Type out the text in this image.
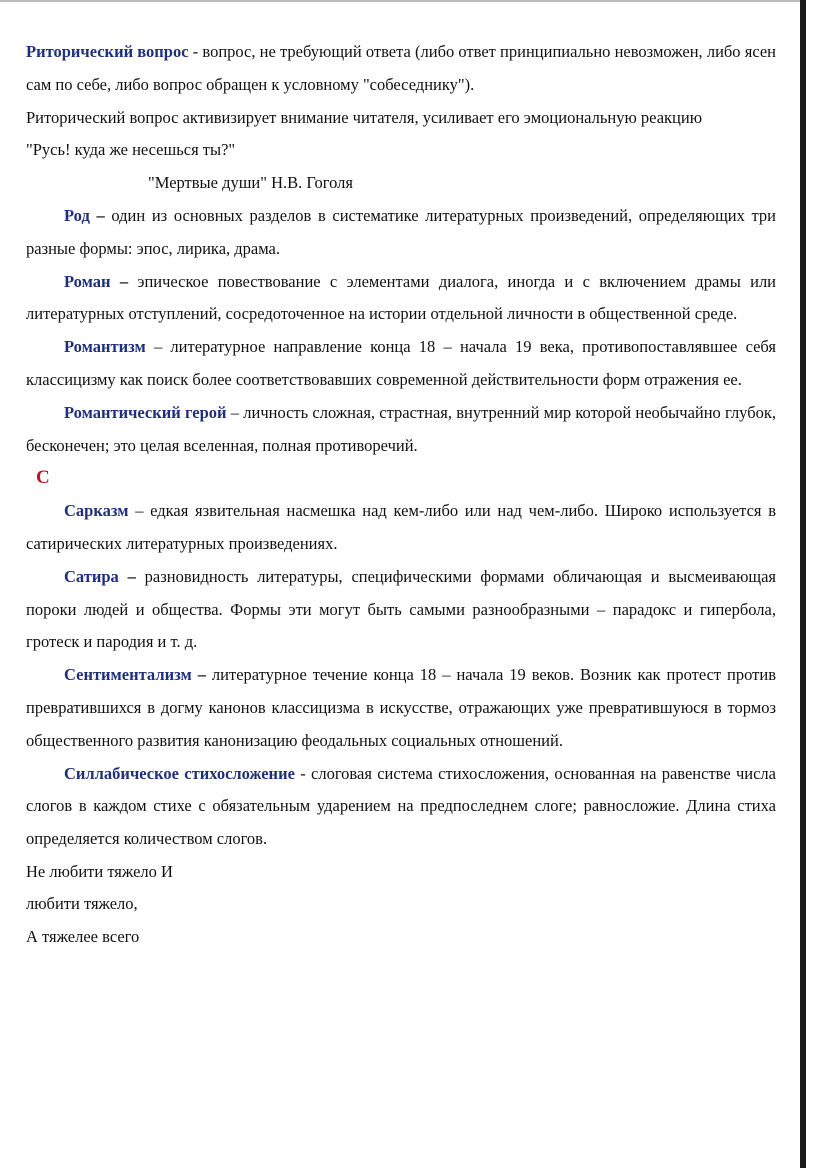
Риторический вопрос - вопрос, не требующий ответа (либо ответ принципиально невозможен, либо ясен сам по себе, либо вопрос обращен к условному "собеседнику").

Риторический вопрос активизирует внимание читателя, усиливает его эмоциональную реакцию

"Русь! куда же несешься ты?"

"Мертвые души" Н.В. Гоголя

Род – один из основных разделов в систематике литературных произведений, определяющих три разные формы: эпос, лирика, драма.

Роман – эпическое повествование с элементами диалога, иногда и с включением драмы или литературных отступлений, сосредоточенное на истории отдельной личности в общественной среде.

Романтизм – литературное направление конца 18 – начала 19 века, противопоставлявшее себя классицизму как поиск более соответствовавших современной действительности форм отражения ее.

Романтический герой – личность сложная, страстная, внутренний мир которой необычайно глубок, бесконечен; это целая вселенная, полная противоречий.

С

Сарказм – едкая язвительная насмешка над кем-либо или над чем-либо. Широко используется в сатирических литературных произведениях.

Сатира – разновидность литературы, специфическими формами обличающая и высмеивающая пороки людей и общества. Формы эти могут быть самыми разнообразными – парадокс и гипербола, гротеск и пародия и т. д.

Сентиментализм – литературное течение конца 18 – начала 19 веков. Возник как протест против превратившихся в догму канонов классицизма в искусстве, отражающих уже превратившуюся в тормоз общественного развития канонизацию феодальных социальных отношений.

Силлабическое стихосложение - слоговая система стихосложения, основанная на равенстве числа слогов в каждом стихе с обязательным ударением на предпоследнем слоге; равносложие. Длина стиха определяется количеством слогов.

Не любити тяжело И

любити тяжело,

А тяжелее всего
